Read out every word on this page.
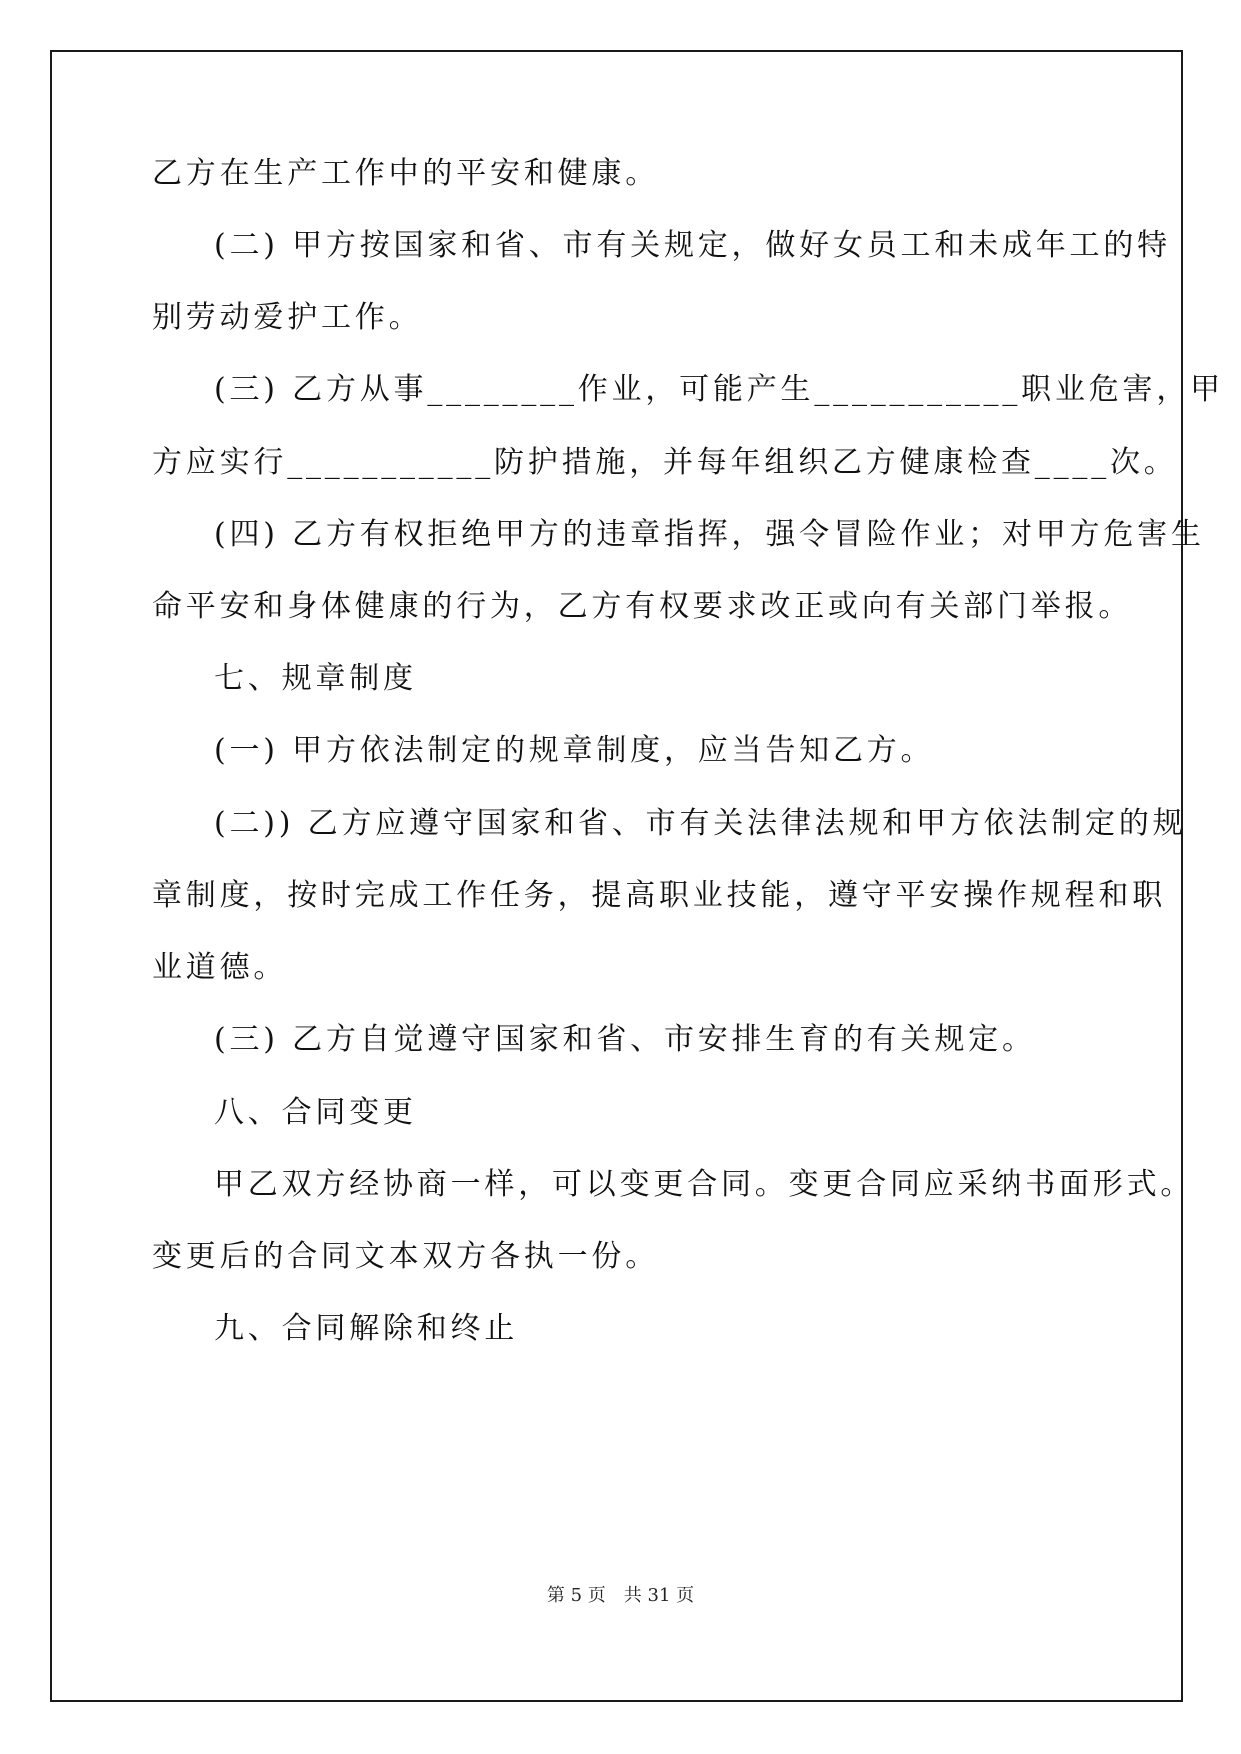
乙方在生产工作中的平安和健康。
(二) 甲方按国家和省、市有关规定，做好女员工和未成年工的特
别劳动爱护工作。
(三) 乙方从事________作业，可能产生___________职业危害，甲
方应实行___________防护措施，并每年组织乙方健康检查____次。
(四) 乙方有权拒绝甲方的违章指挥，强令冒险作业；对甲方危害生
命平安和身体健康的行为，乙方有权要求改正或向有关部门举报。
七、规章制度
(一) 甲方依法制定的规章制度，应当告知乙方。
(二)) 乙方应遵守国家和省、市有关法律法规和甲方依法制定的规
章制度，按时完成工作任务，提高职业技能，遵守平安操作规程和职
业道德。
(三) 乙方自觉遵守国家和省、市安排生育的有关规定。
八、合同变更
甲乙双方经协商一样，可以变更合同。变更合同应采纳书面形式。
变更后的合同文本双方各执一份。
九、合同解除和终止
第 5 页 共 31 页
